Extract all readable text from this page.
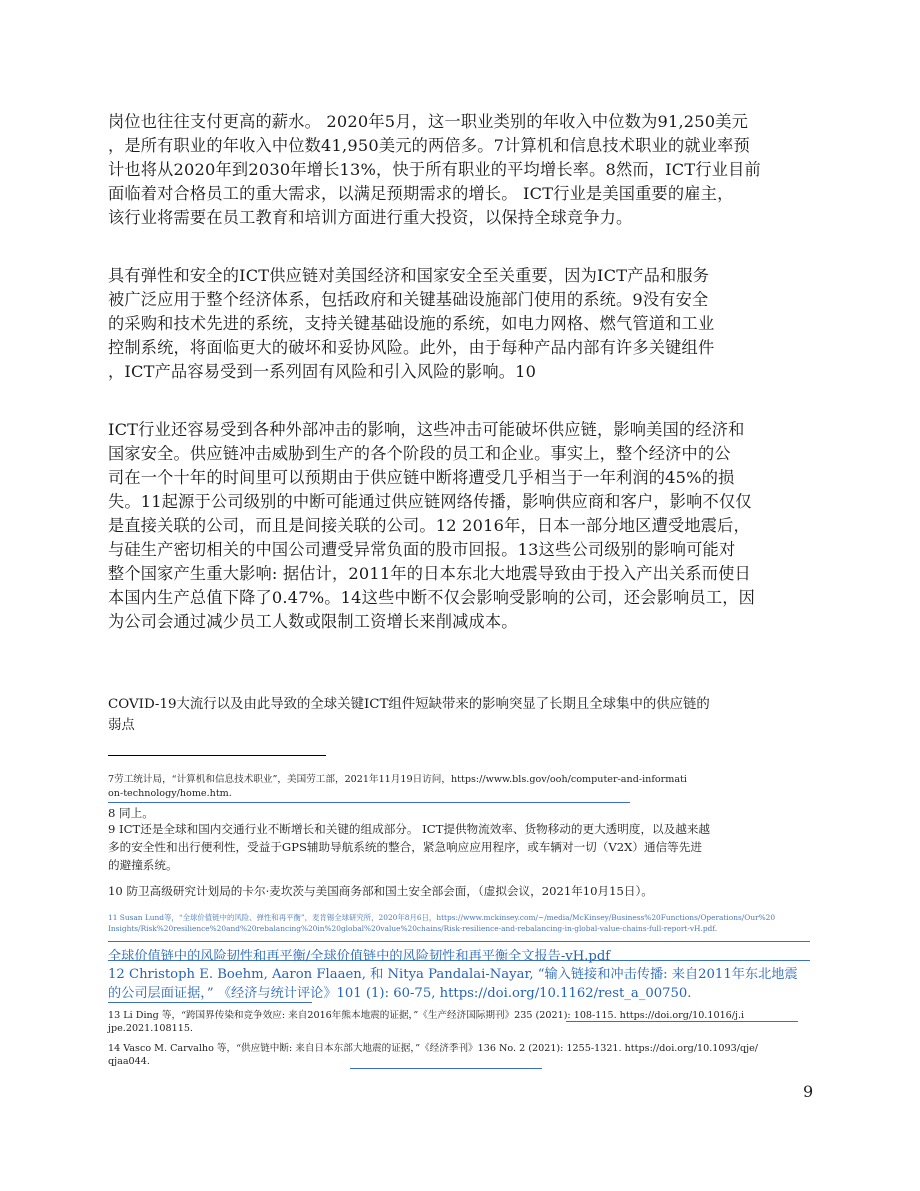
岗位也往往支付更高的薪水。 2020年5月，这一职业类别的年收入中位数为91,250美元
，是所有职业的年收入中位数41,950美元的两倍多。7计算机和信息技术职业的就业率预
计也将从2020年到2030年增长13%，快于所有职业的平均增长率。8然而，ICT行业目前
面临着对合格员工的重大需求，以满足预期需求的增长。 ICT行业是美国重要的雇主，
该行业将需要在员工教育和培训方面进行重大投资，以保持全球竞争力。
具有弹性和安全的ICT供应链对美国经济和国家安全至关重要，因为ICT产品和服务
被广泛应用于整个经济体系，包括政府和关键基础设施部门使用的系统。9没有安全
的采购和技术先进的系统，支持关键基础设施的系统，如电力网格、燃气管道和工业
控制系统，将面临更大的破坏和妥协风险。此外，由于每种产品内部有许多关键组件
，ICT产品容易受到一系列固有风险和引入风险的影响。10
ICT行业还容易受到各种外部冲击的影响，这些冲击可能破坏供应链，影响美国的经济和
国家安全。供应链冲击威胁到生产的各个阶段的员工和企业。事实上，整个经济中的公
司在一个十年的时间里可以预期由于供应链中断将遭受几乎相当于一年利润的45%的损
失。11起源于公司级别的中断可能通过供应链网络传播，影响供应商和客户，影响不仅仅
是直接关联的公司，而且是间接关联的公司。12 2016年，日本一部分地区遭受地震后，
与硅生产密切相关的中国公司遭受异常负面的股市回报。13这些公司级别的影响可能对
整个国家产生重大影响: 据估计，2011年的日本东北大地震导致由于投入产出关系而使日
本国内生产总值下降了0.47%。14这些中断不仅会影响受影响的公司，还会影响员工，因
为公司会通过减少员工人数或限制工资增长来削减成本。
COVID-19大流行以及由此导致的全球关键ICT组件短缺带来的影响突显了长期且全球集中的供应链的
弱点
7劳工统计局，“计算机和信息技术职业”，美国劳工部，2021年11月19日访问，https://www.bls.gov/ooh/computer-and-informati
on-technology/home.htm.
8 同上。
9 ICT还是全球和国内交通行业不断增长和关键的组成部分。 ICT提供物流效率、货物移动的更大透明度，以及越来越
多的安全性和出行便利性，受益于GPS辅助导航系统的整合，紧急响应应用程序，或车辆对一切（V2X）通信等先进
的避撞系统。
10 防卫高级研究计划局的卡尔·麦坎茨与美国商务部和国土安全部会面，（虚拟会议，2021年10月15日）。
11 Susan Lund等，“全球价值链中的风险、弹性和再平衡”，麦肯锡全球研究所，2020年8月6日，https://www.mckinsey.com/~/media/McKinsey/Business%20Functions/Operations/Our%20
Insights/Risk%20resilience%20and%20rebalancing%20in%20global%20value%20chains/Risk-resilience-and-rebalancing-in-global-value-chains-full-report-vH.pdf.
全球价值链中的风险韧性和再平衡/全球价值链中的风险韧性和再平衡全文报告-vH.pdf
12 Christoph E. Boehm, Aaron Flaaen, 和 Nitya Pandalai-Nayar, “输入链接和冲击传播: 来自2011年东北地震
的公司层面证据，” 《经济与统计评论》101 (1): 60-75, https://doi.org/10.1162/rest_a_00750.
13 Li Ding 等，“跨国界传染和竞争效应: 来自2016年熊本地震的证据，”《生产经济国际期刊》235 (2021): 108-115. https://doi.org/10.1016/j.i
jpe.2021.108115.
14 Vasco M. Carvalho 等，“供应链中断: 来自日本东部大地震的证据，”《经济季刊》136 No. 2 (2021): 1255-1321. https://doi.org/10.1093/qje/
qjaa044.
9
